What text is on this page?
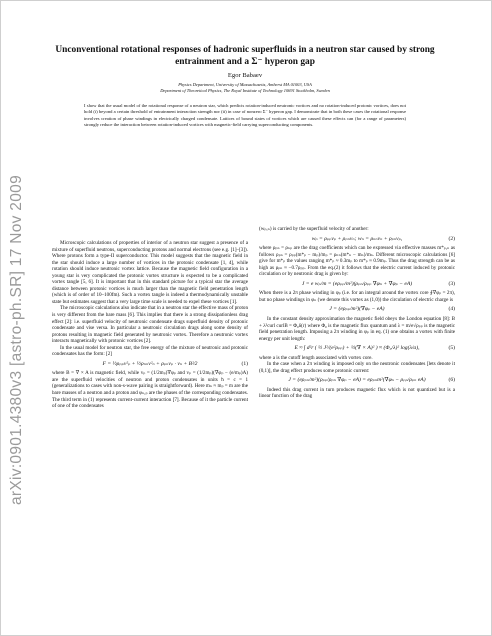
arXiv:0901.4380v3 [astro-ph.SR] 17 Nov 2009
Unconventional rotational responses of hadronic superfluids in a neutron star caused by strong entrainment and a Σ⁻ hyperon gap
Egor Babaev
Physics Department, University of Massachusetts, Amherst MA 01003, USA
Department of Theoretical Physics, The Royal Institute of Technology 10691 Stockholm, Sweden
I show that the usual model of the rotational response of a neutron star, which predicts rotation-induced neutronic vortices and no rotation-induced protonic vortices, does not hold (i) beyond a certain threshold of entrainment interaction strength nor (ii) in case of nonzero Σ⁻ hyperon gap. I demonstrate that in both these cases the rotational response involves creation of phase windings in electrically charged condensate. Lattices of bound states of vortices which are caused these effects can (for a range of parameters) strongly reduce the interaction between rotation-induced vortices with magnetic-field carrying superconducting components.

Microscopic calculations of properties of interior of a neutron star suggest a presence of a mixture of superfluid neutrons, superconducting protons and normal electrons (see e.g. [1]–[3]). Where protons form a type-II superconductor. This model suggests that the magnetic field in the star should induce a large number of vortices in the protonic condensate [1, 4], while rotation should induce neutronic vortex lattice. Because the magnetic field configuration in a young star is very complicated the protonic vortex structure is expected to be a complicated vortex tangle [5, 6]. It is important that in this standard picture for a typical star the average distance between protonic vortices is much larger than the magnetic field penetration length (which is of order of 10–100fm). Such a vortex tangle is indeed a thermodynamically unstable state but estimates suggest that a very large time scale is needed to expel these vortices [1].

The microscopic calculations also indicate that in a neutron star the effective mass of proton is very different from the bare mass [6]. This implies that there is a strong dissipationless drag effect [2]: i.e. superfluid velocity of neutronic condensate drags superfluid density of protonic condensate and vise versa. In particular a neutronic circulation drags along some density of protons resulting in magnetic field generated by neutronic vortex. Therefore a neutronic vortex interacts magnetically with protonic vortices [2].

In the usual model for neutron star, the free energy of the mixture of neutronic and protonic condensates has the form: [2]

F = ½ρₚₚv²ₚ + ½ρₙₙv²ₙ + ρₚₙvₚ · vₙ + B²⁄2	(1)

where B = ∇ × A is magnetic field, while vₚ = (1/2mₚ)∇φₚ and vₚ = (1/2mₚ)(∇φₚ − (e/mₚ)A) are the superfluid velocities of neutron and proton condensates in units ħ = c = 1 (generalizations to cases with non-s-wave pairing is straightforward). Here mₙ ≈ mₚ = m are the bare masses of a neutron and a proton and φₙ,ₚ are the phases of the corresponding condensates. The third term in (1) represents current-current interaction [7]. Because of it the particle current of one of the condensates

(wₚ,ₙ) is carried by the superfluid velocity of another:

wₚ = ρₚₚvₚ + ρₚₙvₙ; wₙ = ρₙₙvₙ + ρₚₙvₚ,	(2)

where ρₚₙ = ρₙₚ are the drag coefficients which can be expressed via effective masses m*ₚ,ₙ as follows ρₚₙ = ρₚₚ(m*ₚ − mₚ)/mₚ = ρₙₙ(m*ₙ − mₙ)/mₙ. Different microscopic calculations [6] give for m*ₚ the values ranging m*ₚ ≈ 0.3mₚ to m*ₚ ≈ 0.9mₚ. Thus the drag strength can be as high as ρₚₙ ≈ −0.7ρₚₚ. From the eq.(2) it follows that the electric current induced by protonic circulation or by neutronic drag is given by:

J = e wₚ/m = (eρₚₚ/m²)(ρₚₙ/ρₚₚ ∇φₙ + ∇φₚ − eA)	(3)

When there is a 2π phase winding in φₚ (i.e. for an integral around the vortex core ∮∇φₚ = 2π), but no phase windings in φₙ (we denote this vortex as (1,0)) the circulation of electric charge is

J = (eρₚₚ/m²)(∇φₚ − eA)	(4)

In the constant density approximation the magnetic field obeys the London equation [8]: B + λ²curl curlB = Φ₀δ(r) where Φ₀ is the magnetic flux quantum and λ = m/e√ρₚₚ is the magnetic field penetration length. Imposing a 2π winding in φₚ in eq. (1) one obtains a vortex with finite energy per unit length:

E ≈ ∫ d²r ( ½ J²/(e²ρₚₚ) + ½(∇ × A)² ) ≈ (Φ₀/λ)² log(λ/a),	(5)

where a is the cutoff length associated with vortex core.

In the case when a 2π winding is imposed only on the neutronic condensates [lets denote it (0,1)], the drag effect produces some protonic current:

J = (eρₚₙ/m²)(ρₚₚ/ρₚₙ ∇φₚ − eA) = eρₚₙm²(∇φₙ − ρₚₚ/ρₚₙ eA)	(6)

Indeed this drag current in turn produces magnetic flux which is not quantized but is a linear function of the drag
